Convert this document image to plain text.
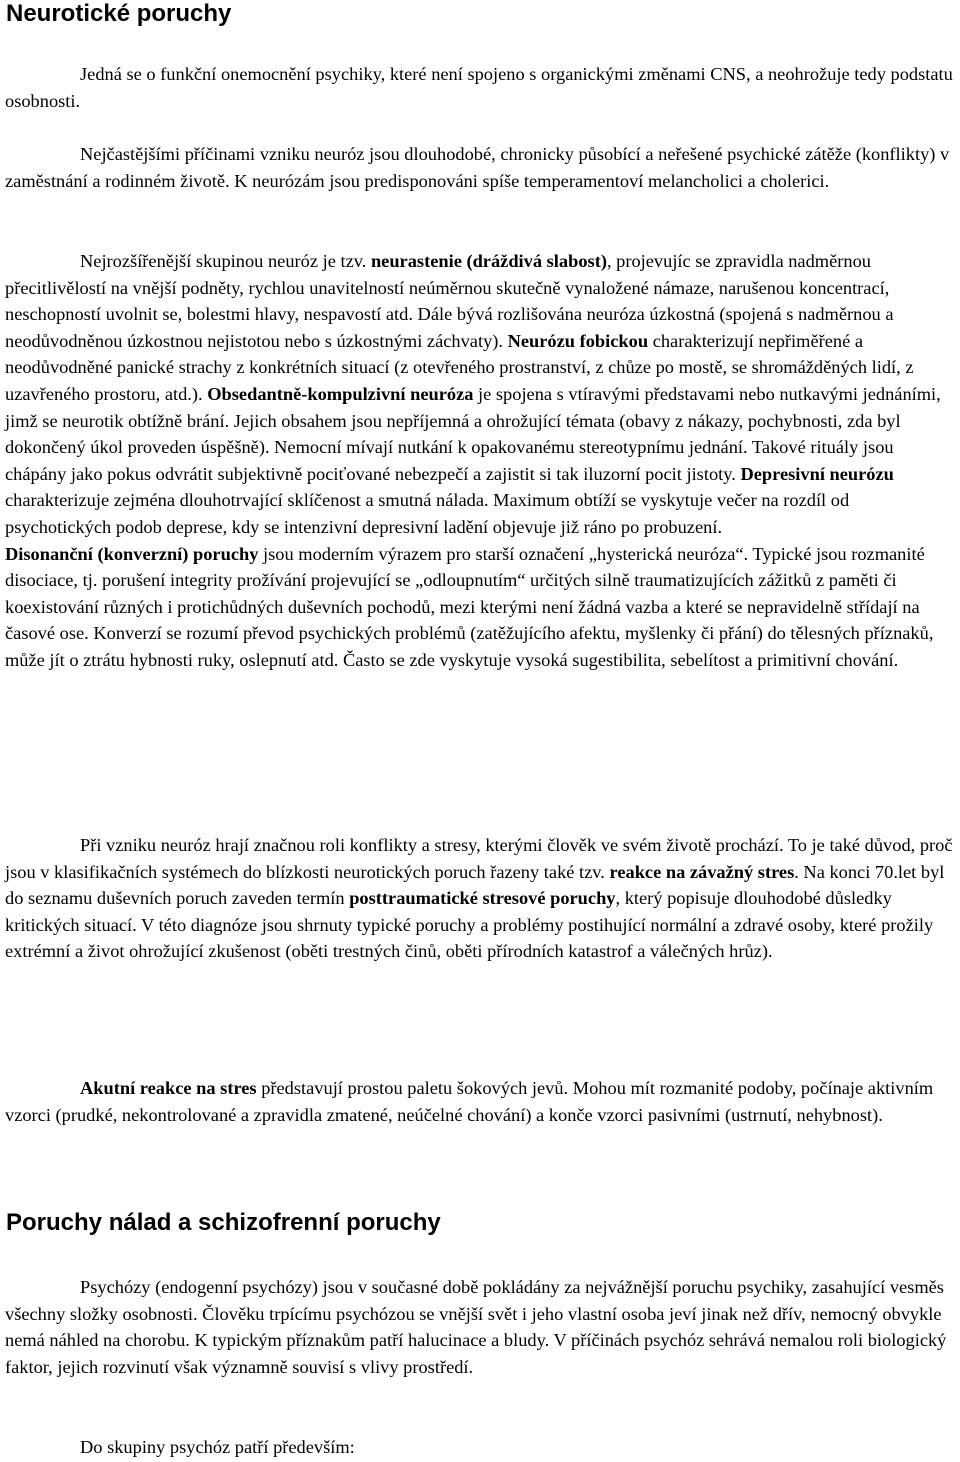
Neurotické poruchy

Jedná se o funkční onemocnění psychiky, které není spojeno s organickými změnami CNS, a neohrožuje tedy podstatu osobnosti.

Nejčastějšími příčinami vzniku neuróz jsou dlouhodobé, chronicky působící a neřešené psychické zátěže (konflikty) v zaměstnání a rodinném životě. K neurózám jsou predisponováni spíše temperamentoví melancholici a cholerici.

Nejrozšířenější skupinou neuróz je tzv. neurastenie (dráždivá slabost), projevujíc se zpravidla nadměrnou přecitlivělostí na vnější podněty, rychlou unavitelností neúměrnou skutečně vynaložené námaze, narušenou koncentrací, neschopností uvolnit se, bolestmi hlavy, nespavostí atd. Dále bývá rozlišována neuróza úzkostná (spojená s nadměrnou a neodůvodněnou úzkostnou nejistotou nebo s úzkostnými záchvaty). Neurózu fobickou charakterizují nepřiměřené a neodůvodněné panické strachy z konkrétních situací (z otevřeného prostranství, z chůze po mostě, se shromážděných lidí, z uzavřeného prostoru, atd.). Obsedantně-kompulzivní neuróza je spojena s vtíravými představami nebo nutkavými jednáními, jimž se neurotik obtížně brání. Jejich obsahem jsou nepříjemná a ohrožující témata (obavy z nákazy, pochybnosti, zda byl dokončený úkol proveden úspěšně). Nemocní mívají nutkání k opakovanému stereotypnímu jednání. Takové rituály jsou chápány jako pokus odvrátit subjektivně pociťované nebezpečí a zajistit si tak iluzorní pocit jistoty. Depresivní neurózu charakterizuje zejména dlouhotrvající sklíčenost a smutná nálada. Maximum obtíží se vyskytuje večer na rozdíl od psychotických podob deprese, kdy se intenzivní depresivní ladění objevuje již ráno po probuzení.
Disonanční (konverzní) poruchy jsou moderním výrazem pro starší označení „hysterická neuróza“. Typické jsou rozmanité disociace, tj. porušení integrity prožívání projevující se „odloupnutím“ určitých silně traumatizujících zážitků z paměti či koexistování různých i protichůdných duševních pochodů, mezi kterými není žádná vazba a které se nepravidelně střídají na časové ose. Konverzí se rozumí převod psychických problémů (zatěžujícího afektu, myšlenky či přání) do tělesných příznaků, může jít o ztrátu hybnosti ruky, oslepnutí atd. Často se zde vyskytuje vysoká sugestibilita, sebelítost a primitivní chování.

Při vzniku neuróz hrají značnou roli konflikty a stresy, kterými člověk ve svém životě prochází. To je také důvod, proč jsou v klasifikačních systémech do blízkosti neurotických poruch řazeny také tzv. reakce na závažný stres. Na konci 70.let byl do seznamu duševních poruch zaveden termín posttraumatické stresové poruchy, který popisuje dlouhodobé důsledky kritických situací. V této diagnóze jsou shrnuty typické poruchy a problémy postihující normální a zdravé osoby, které prožily extrémní a život ohrožující zkušenost (oběti trestných činů, oběti přírodních katastrof a válečných hrůz).

Akutní reakce na stres představují prostou paletu šokových jevů. Mohou mít rozmanité podoby, počínaje aktivním vzorci (prudké, nekontrolované a zpravidla zmatené, neúčelné chování) a konče vzorci pasivními (ustrnutí, nehybnost).

Poruchy nálad a schizofrenní poruchy

Psychózy (endogenní psychózy) jsou v současné době pokládány za nejvážnější poruchu psychiky, zasahující vesměs všechny složky osobnosti. Člověku trpícímu psychózou se vnější svět i jeho vlastní osoba jeví jinak než dřív, nemocný obvykle nemá náhled na chorobu. K typickým příznakům patří halucinace a bludy. V příčinách psychóz sehrává nemalou roli biologický faktor, jejich rozvinutí však významně souvisí s vlivy prostředí.

Do skupiny psychóz patří především:
